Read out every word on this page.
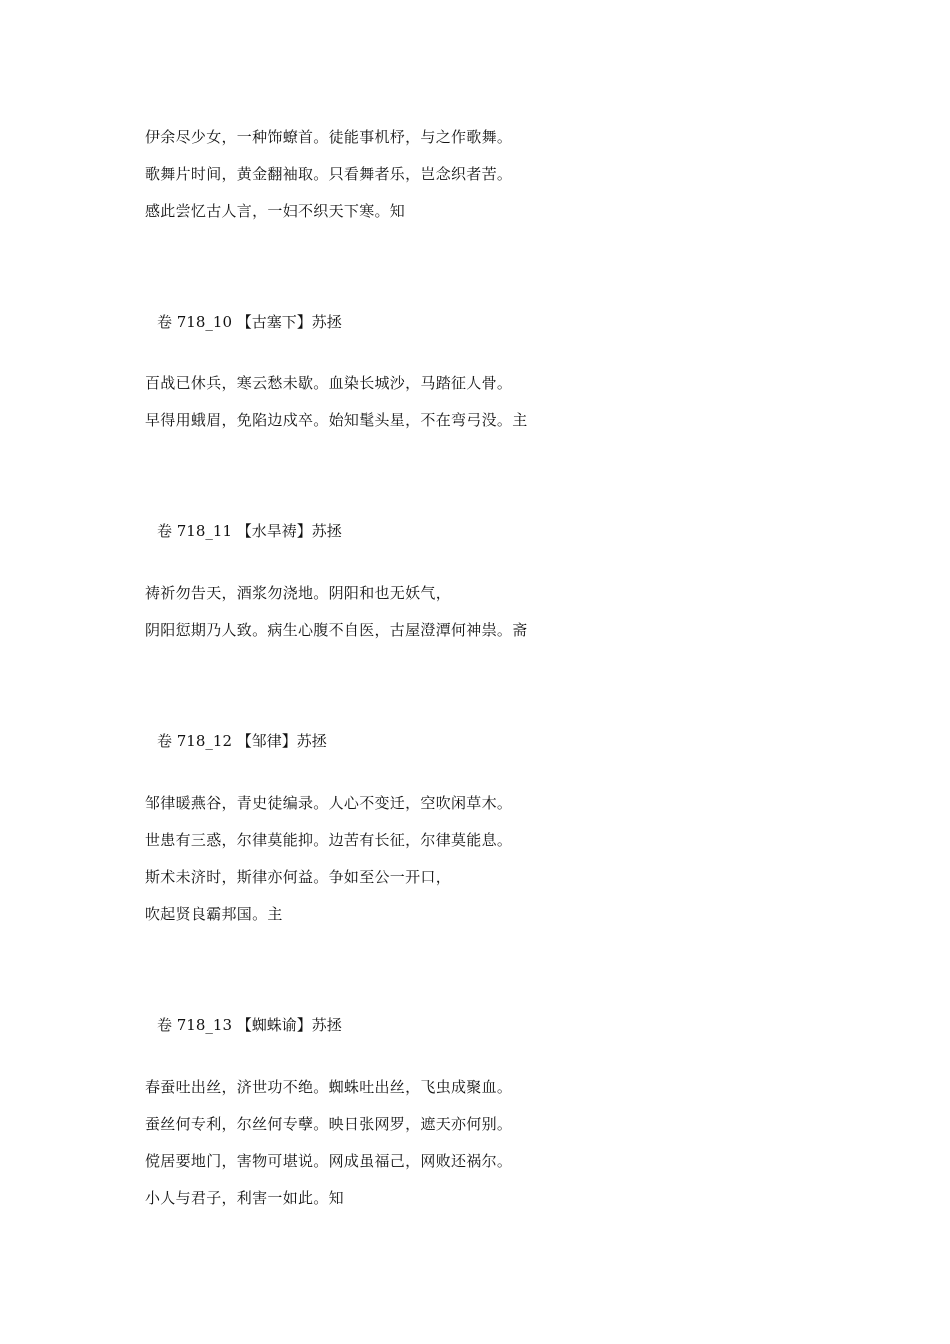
伊余尽少女，一种饰蟟首。徒能事机杼，与之作歌舞。
歌舞片时间，黄金翻袖取。只看舞者乐，岂念织者苦。
感此尝忆古人言，一妇不织天下寒。知
卷 718_10 【古塞下】苏拯
百战已休兵，寒云愁未歇。血染长城沙，马踏征人骨。
早得用蛾眉，免陷边戍卒。始知髦头星，不在弯弓没。主
卷 718_11 【水旱祷】苏拯
祷祈勿告天，酒浆勿浇地。阴阳和也无妖气，
阴阳愆期乃人致。病生心腹不自医，古屋澄潭何神祟。斋
卷 718_12 【邹律】苏拯
邹律暖燕谷，青史徒编录。人心不变迁，空吹闲草木。
世患有三惑，尔律莫能抑。边苦有长征，尔律莫能息。
斯术未济时，斯律亦何益。争如至公一开口，
吹起贤良霸邦国。主
卷 718_13 【蜘蛛谕】苏拯
春蚕吐出丝，济世功不绝。蜘蛛吐出丝，飞虫成聚血。
蚕丝何专利，尔丝何专孽。映日张网罗，遮天亦何别。
傥居要地门，害物可堪说。网成虽福己，网败还祸尔。
小人与君子，利害一如此。知
